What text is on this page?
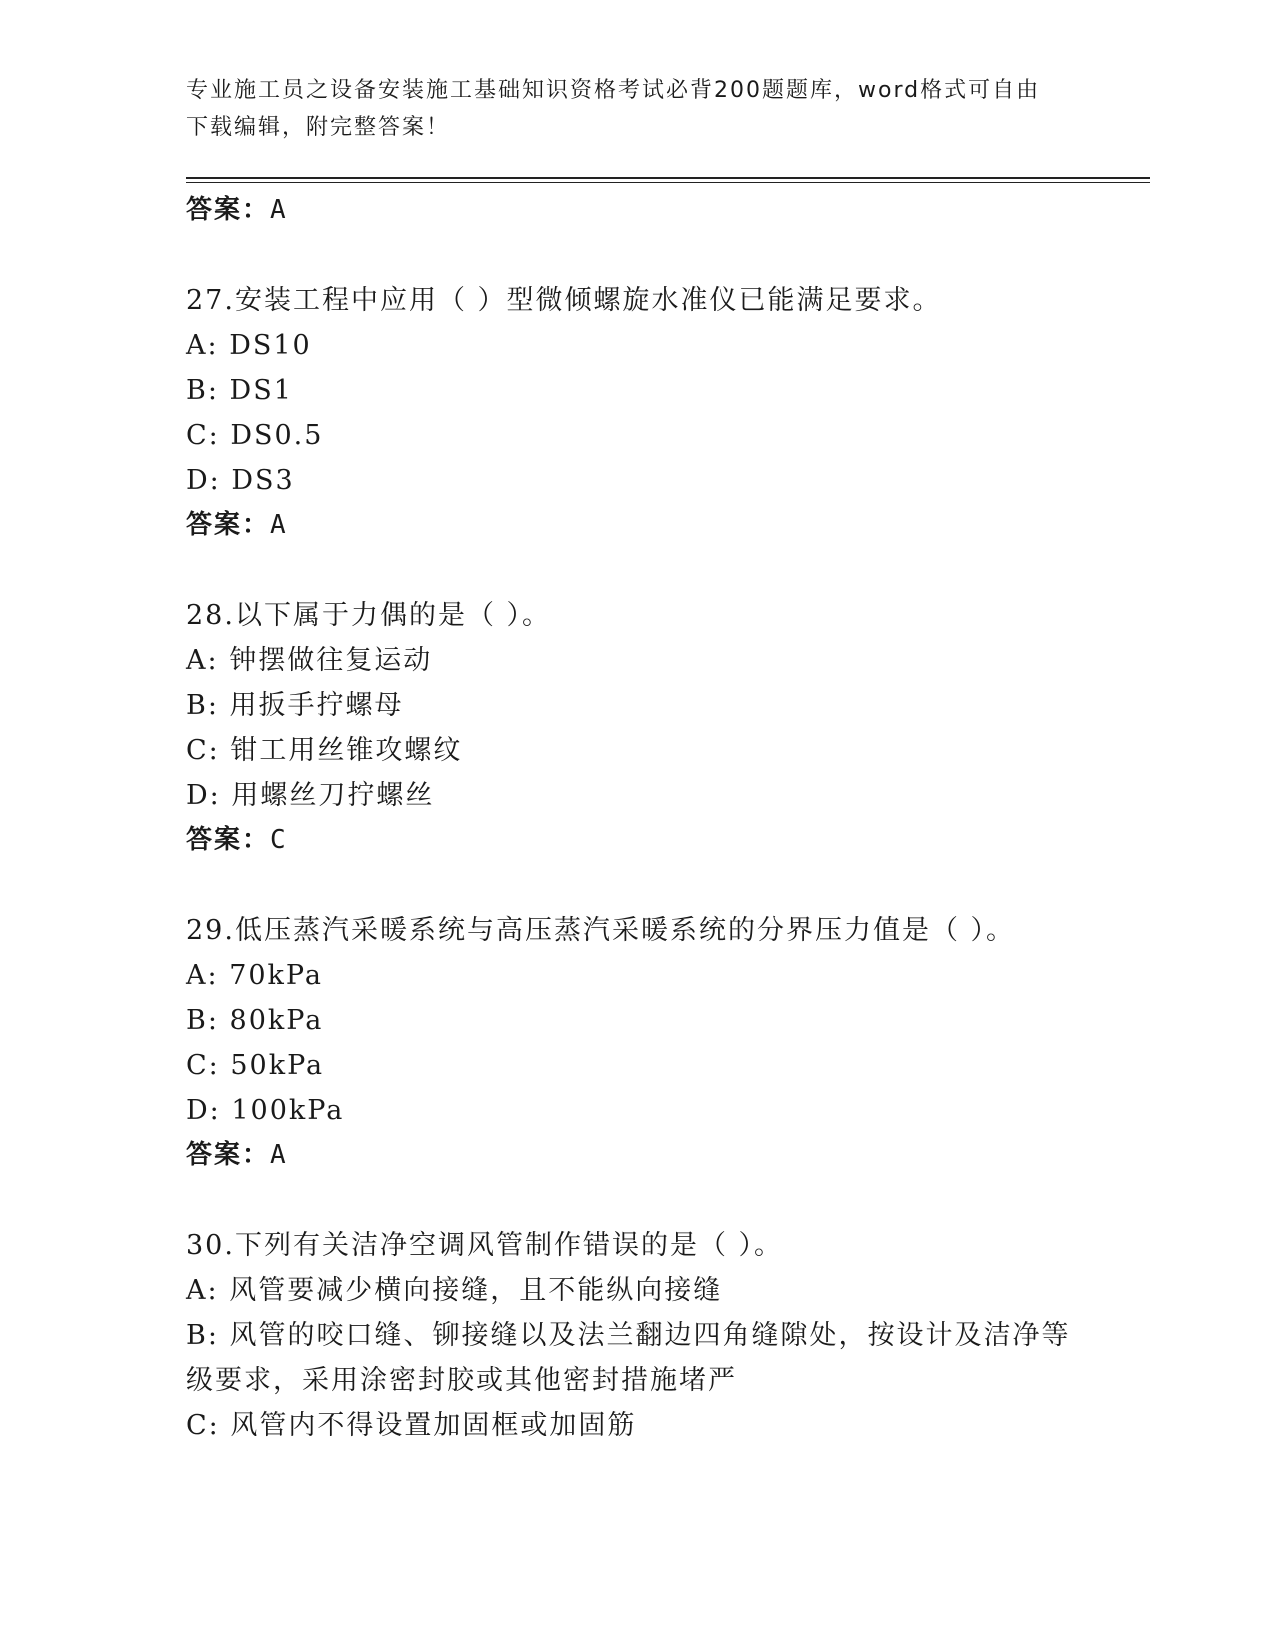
专业施工员之设备安装施工基础知识资格考试必背200题题库，word格式可自由
下载编辑，附完整答案！
答案：A
27.安装工程中应用（ ）型微倾螺旋水准仪已能满足要求。
A: DS10
B: DS1
C: DS0.5
D: DS3
答案：A
28.以下属于力偶的是（ ）。
A: 钟摆做往复运动
B: 用扳手拧螺母
C: 钳工用丝锥攻螺纹
D: 用螺丝刀拧螺丝
答案：C
29.低压蒸汽采暖系统与高压蒸汽采暖系统的分界压力值是（ ）。
A: 70kPa
B: 80kPa
C: 50kPa
D: 100kPa
答案：A
30.下列有关洁净空调风管制作错误的是（ ）。
A: 风管要减少横向接缝，且不能纵向接缝
B: 风管的咬口缝、铆接缝以及法兰翻边四角缝隙处，按设计及洁净等级要求，采用涂密封胶或其他密封措施堵严
C: 风管内不得设置加固框或加固筋
